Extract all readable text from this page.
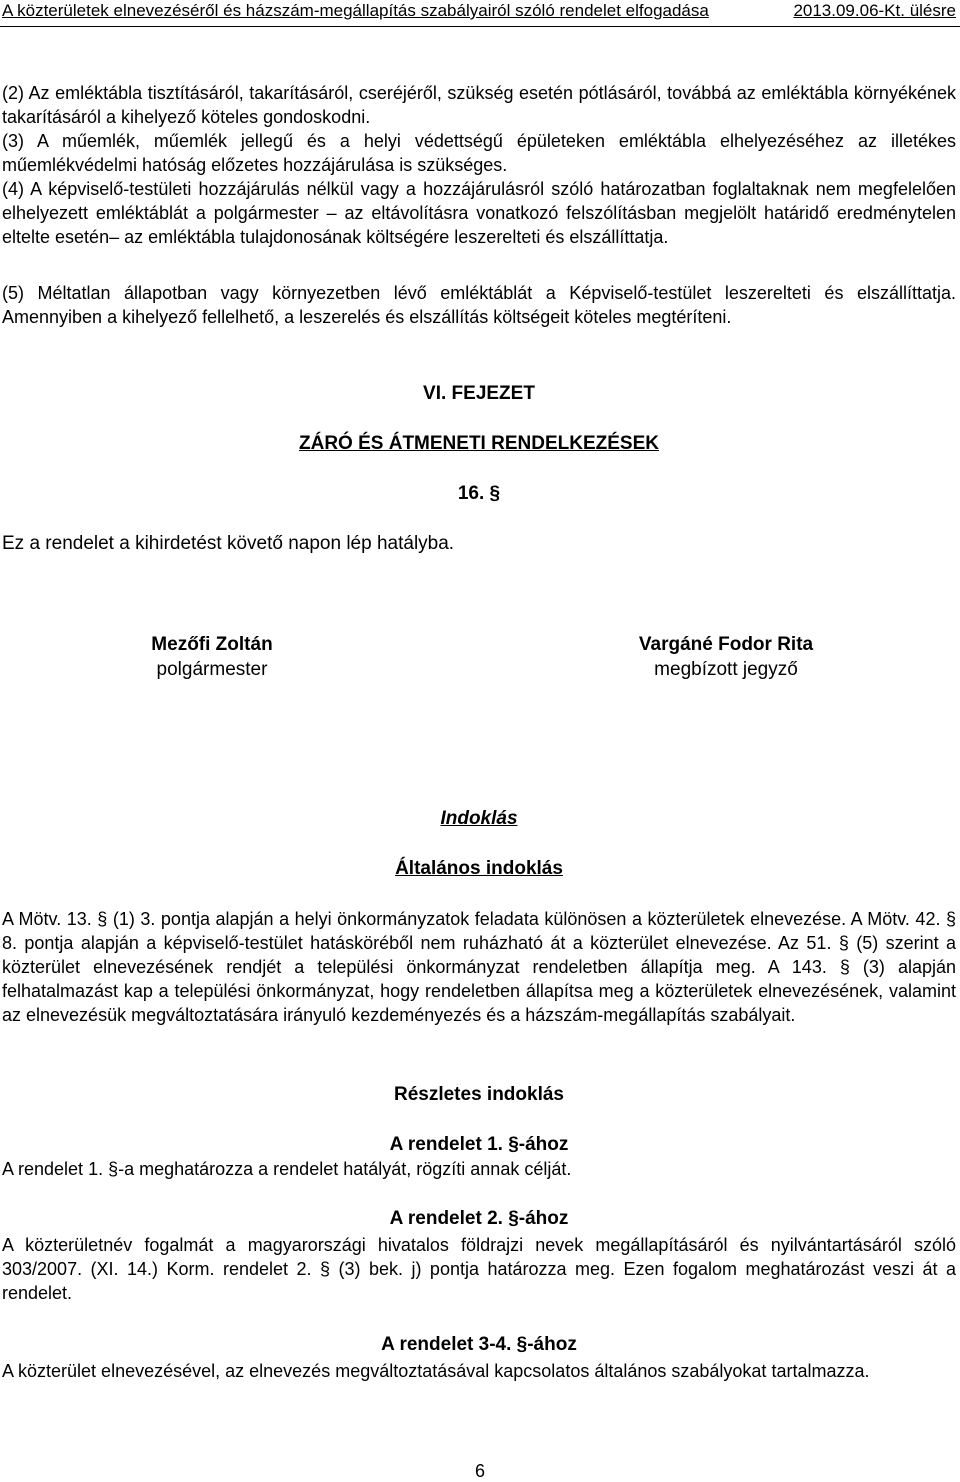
A közterületek elnevezéséről és házszám-megállapítás szabályairól szóló rendelet elfogadása	2013.09.06-Kt. ülésre

(2) Az emléktábla tisztításáról, takarításáról, cseréjéről, szükség esetén pótlásáról, továbbá az emléktábla környékének takarításáról a kihelyező köteles gondoskodni.

(3) A műemlék, műemlék jellegű és a helyi védettségű épületeken emléktábla elhelyezéséhez az illetékes műemlékvédelmi hatóság előzetes hozzájárulása is szükséges.

(4) A képviselő-testületi hozzájárulás nélkül vagy a hozzájárulásról szóló határozatban foglaltaknak nem megfelelően elhelyezett emléktáblát a polgármester – az eltávolításra vonatkozó felszólításban megjelölt határidő eredménytelen eltelte esetén– az emléktábla tulajdonosának költségére leszerelteti és elszállíttatja.

(5) Méltatlan állapotban vagy környezetben lévő emléktáblát a Képviselő-testület leszerelteti és elszállíttatja. Amennyiben a kihelyező fellelhető, a leszerelés és elszállítás költségeit köteles megtéríteni.

VI. FEJEZET
ZÁRÓ ÉS ÁTMENETI RENDELKEZÉSEK
16. §

Ez a rendelet a kihirdetést követő napon lép hatályba.

Mezőfi Zoltán
polgármester
Vargáné Fodor Rita
megbízott jegyző
Indoklás
Általános indoklás

A Mötv. 13. § (1) 3. pontja alapján a helyi önkormányzatok feladata különösen a közterületek elnevezése. A Mötv. 42. § 8. pontja alapján a képviselő-testület hatásköréből nem ruházható át a közterület elnevezése. Az 51. § (5) szerint a közterület elnevezésének rendjét a települési önkormányzat rendeletben állapítja meg. A 143. § (3) alapján felhatalmazást kap a települési önkormányzat, hogy rendeletben állapítsa meg a közterületek elnevezésének, valamint az elnevezésük megváltoztatására irányuló kezdeményezés és a házszám-megállapítás szabályait.

Részletes indoklás
A rendelet 1. §-ához

A rendelet 1. §-a meghatározza a rendelet hatályát, rögzíti annak célját.

A rendelet 2. §-ához

A közterületnév fogalmát a magyarországi hivatalos földrajzi nevek megállapításáról és nyilvántartásáról szóló 303/2007. (XI. 14.) Korm. rendelet 2. § (3) bek. j) pontja határozza meg. Ezen fogalom meghatározást veszi át a rendelet.

A rendelet 3-4. §-ához

A közterület elnevezésével, az elnevezés megváltoztatásával kapcsolatos általános szabályokat tartalmazza.

6
